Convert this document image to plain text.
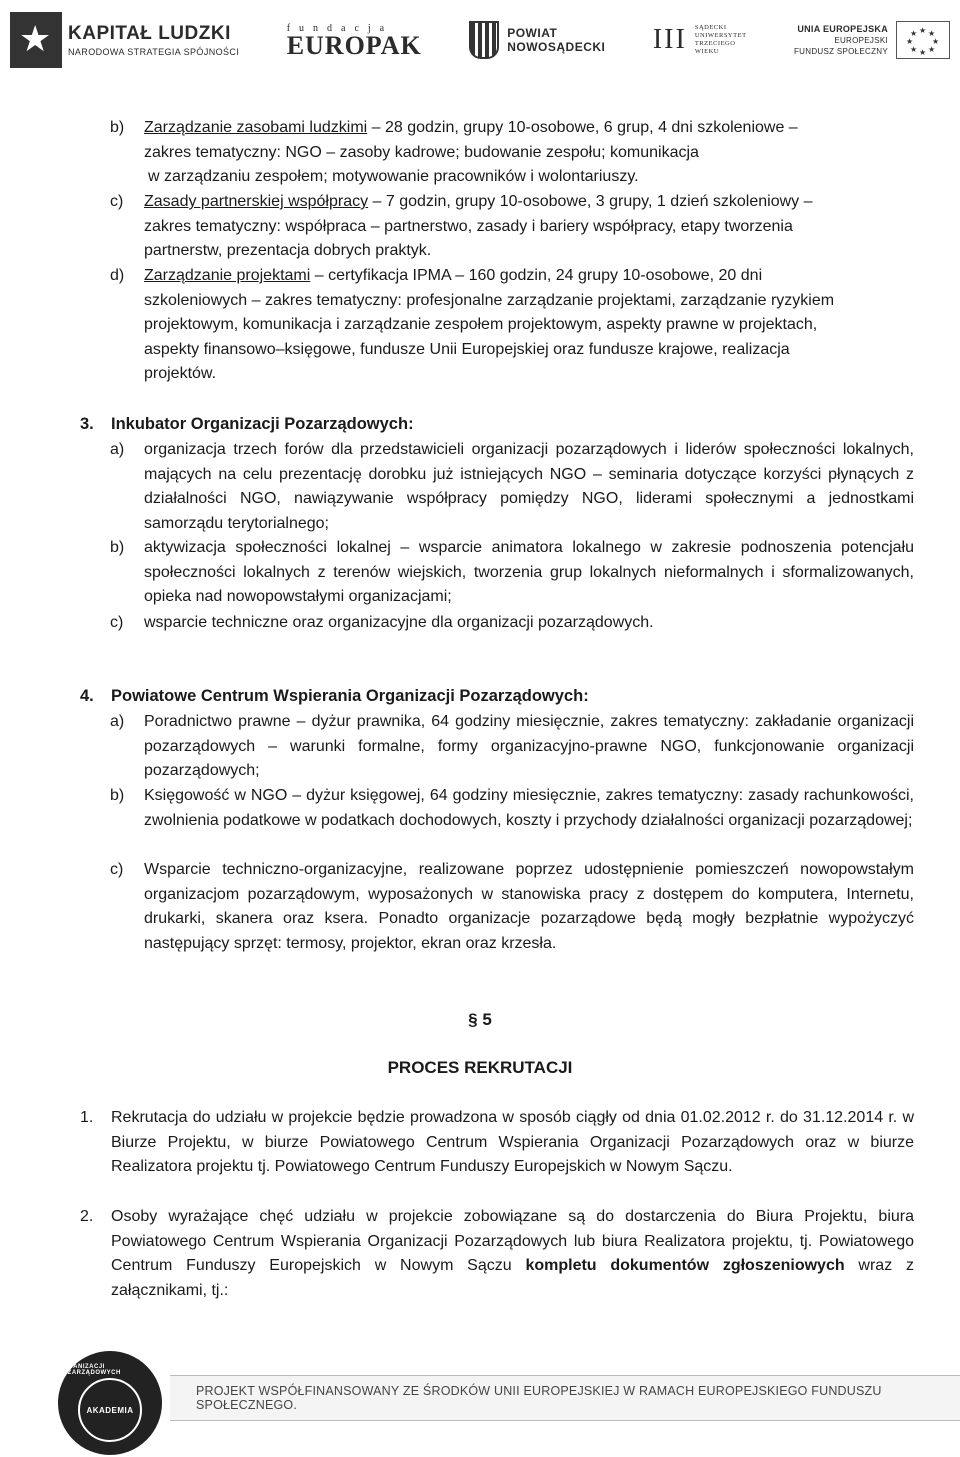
★
KAPITAŁ LUDZKI
NARODOWA STRATEGIA SPÓJNOŚCI
fundacja
EUROPAK	POWIAT
NOWOSĄDECKI III SĄDECKI
UNIWERSYTET
TRZECIEGO
WIEKU
UNIA EUROPEJSKA
EUROPEJSKI
FUNDUSZ SPOŁECZNY
★ ★
★
★
★
★
★
★
b) Zarządzanie zasobami ludzkimi – 28 godzin, grupy 10-osobowe, 6 grup, 4 dni szkoleniowe –
zakres tematyczny: NGO – zasoby kadrowe; budowanie zespołu; komunikacja
w zarządzaniu zespołem; motywowanie pracowników i wolontariuszy.
c) Zasady partnerskiej współpracy – 7 godzin, grupy 10-osobowe, 3 grupy, 1 dzień szkoleniowy –
zakres tematyczny: współpraca – partnerstwo, zasady i bariery współpracy, etapy tworzenia
partnerstw, prezentacja dobrych praktyk.
d) Zarządzanie projektami – certyfikacja IPMA – 160 godzin, 24 grupy 10-osobowe, 20 dni
szkoleniowych – zakres tematyczny: profesjonalne zarządzanie projektami, zarządzanie ryzykiem
projektowym, komunikacja i zarządzanie zespołem projektowym, aspekty prawne w projektach,
aspekty finansowo–księgowe, fundusze Unii Europejskiej oraz fundusze krajowe, realizacja
projektów.
3. Inkubator Organizacji Pozarządowych:
a) organizacja trzech forów dla przedstawicieli organizacji pozarządowych i liderów społeczności lokalnych, mających na celu prezentację dorobku już istniejących NGO – seminaria dotyczące korzyści płynących z działalności NGO, nawiązywanie współpracy pomiędzy NGO, liderami społecznymi a jednostkami samorządu terytorialnego;
b) aktywizacja społeczności lokalnej – wsparcie animatora lokalnego w zakresie podnoszenia potencjału społeczności lokalnych z terenów wiejskich, tworzenia grup lokalnych nieformalnych i sformalizowanych, opieka nad nowopowstałymi organizacjami;
c) wsparcie techniczne oraz organizacyjne dla organizacji pozarządowych.
4. Powiatowe Centrum Wspierania Organizacji Pozarządowych:
a) Poradnictwo prawne – dyżur prawnika, 64 godziny miesięcznie, zakres tematyczny: zakładanie organizacji pozarządowych – warunki formalne, formy organizacyjno-prawne NGO, funkcjonowanie organizacji pozarządowych;
b) Księgowość w NGO – dyżur księgowej, 64 godziny miesięcznie, zakres tematyczny: zasady rachunkowości, zwolnienia podatkowe w podatkach dochodowych, koszty i przychody działalności organizacji pozarządowej;
c) Wsparcie techniczno-organizacyjne, realizowane poprzez udostępnienie pomieszczeń nowopowstałym organizacjom pozarządowym, wyposażonych w stanowiska pracy z dostępem do komputera, Internetu, drukarki, skanera oraz ksera. Ponadto organizacje pozarządowe będą mogły bezpłatnie wypożyczyć następujący sprzęt: termosy, projektor, ekran oraz krzesła.
§ 5
PROCES REKRUTACJI
1. Rekrutacja do udziału w projekcie będzie prowadzona w sposób ciągły od dnia 01.02.2012 r. do 31.12.2014 r. w Biurze Projektu, w biurze Powiatowego Centrum Wspierania Organizacji Pozarządowych oraz w biurze Realizatora projektu tj. Powiatowego Centrum Funduszy Europejskich w Nowym Sączu.
2. Osoby wyrażające chęć udziału w projekcie zobowiązane są do dostarczenia do Biura Projektu, biura Powiatowego Centrum Wspierania Organizacji Pozarządowych lub biura Realizatora projektu, tj. Powiatowego Centrum Funduszy Europejskich w Nowym Sączu kompletu dokumentów zgłoszeniowych wraz z załącznikami, tj.:
PROJEKT WSPÓŁFINANSOWANY ZE ŚRODKÓW UNII EUROPEJSKIEJ W RAMACH EUROPEJSKIEGO FUNDUSZU SPOŁECZNEGO.
ORGANIZACJI POZARZĄDOWYCH
AKADEMIA
